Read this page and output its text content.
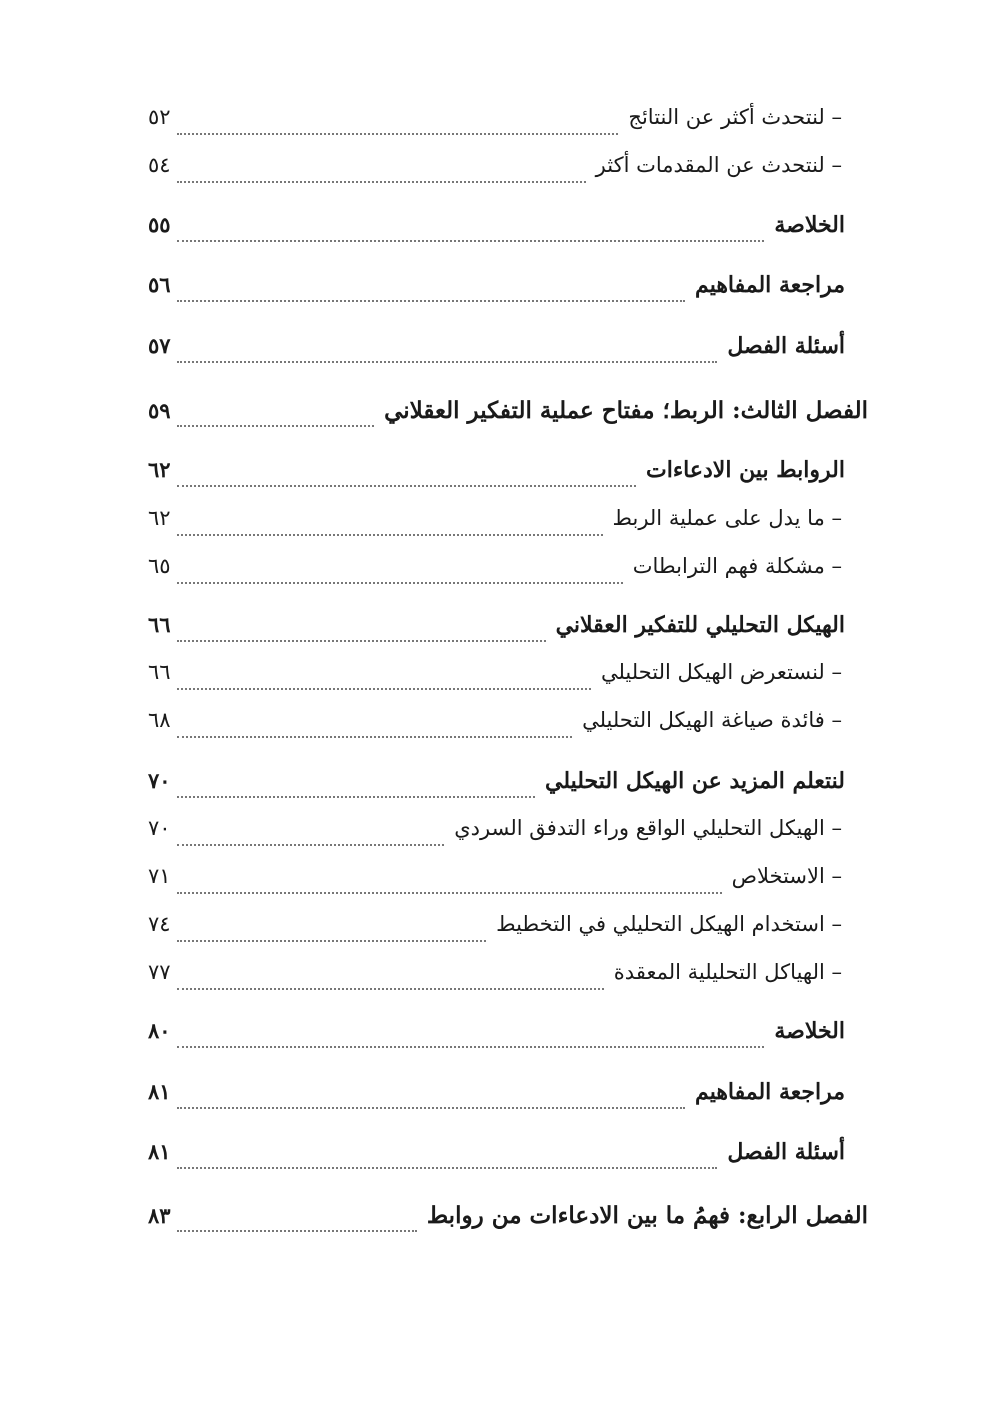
– لنتحدث أكثر عن النتائج
٥٢
– لنتحدث عن المقدمات أكثر
٥٤
الخلاصة
٥٥
مراجعة المفاهيم
٥٦
أسئلة الفصل
٥٧
الفصل الثالث: الربط؛ مفتاح عملية التفكير العقلاني
٥٩
الروابط بين الادعاءات
٦٢
– ما يدل على عملية الربط
٦٢
– مشكلة فهم الترابطات
٦٥
الهيكل التحليلي للتفكير العقلاني
٦٦
– لنستعرض الهيكل التحليلي
٦٦
– فائدة صياغة الهيكل التحليلي
٦٨
لنتعلم المزيد عن الهيكل التحليلي
٧٠
– الهيكل التحليلي الواقع وراء التدفق السردي
٧٠
– الاستخلاص
٧١
– استخدام الهيكل التحليلي في التخطيط
٧٤
– الهياكل التحليلية المعقدة
٧٧
الخلاصة
٨٠
مراجعة المفاهيم
٨١
أسئلة الفصل
٨١
الفصل الرابع: فهمُ ما بين الادعاءات من روابط
٨٣
